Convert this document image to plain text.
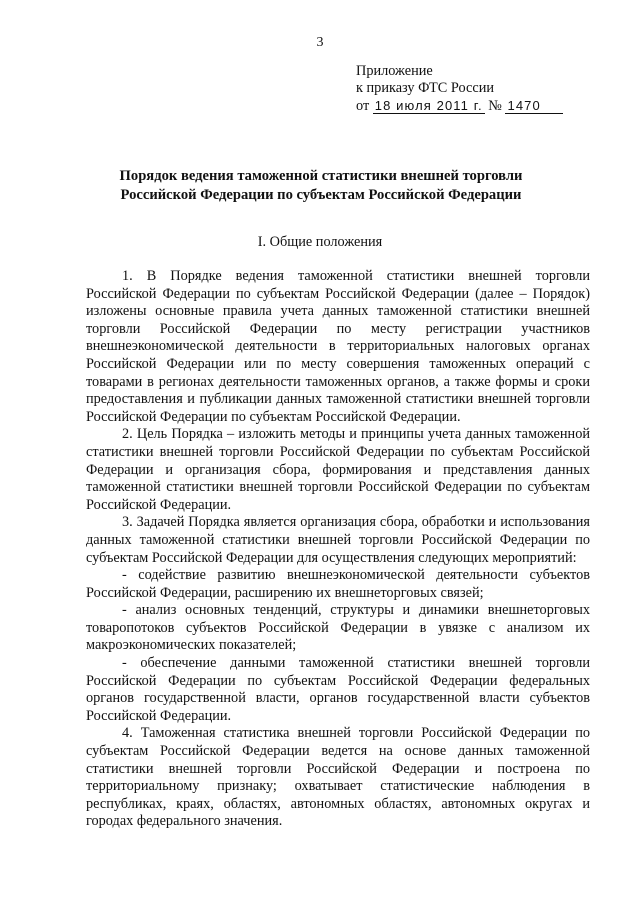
3
Приложение
к приказу ФТС России
от 18 июля 2011 г. № 1470
Порядок ведения таможенной статистики внешней торговли
Российской Федерации по субъектам Российской Федерации
I. Общие положения

1. В Порядке ведения таможенной статистики внешней торговли Российской Федерации по субъектам Российской Федерации (далее – Порядок) изложены основные правила учета данных таможенной статистики внешней торговли Российской Федерации по месту регистрации участников внешнеэкономической деятельности в территориальных налоговых органах Российской Федерации или по месту совершения таможенных операций с товарами в регионах деятельности таможенных органов, а также формы и сроки предоставления и публикации данных таможенной статистики внешней торговли Российской Федерации по субъектам Российской Федерации.

2. Цель Порядка – изложить методы и принципы учета данных таможенной статистики внешней торговли Российской Федерации по субъектам Российской Федерации и организация сбора, формирования и представления данных таможенной статистики внешней торговли Российской Федерации по субъектам Российской Федерации.

3. Задачей Порядка является организация сбора, обработки и использования данных таможенной статистики внешней торговли Российской Федерации по субъектам Российской Федерации для осуществления следующих мероприятий:

- содействие развитию внешнеэкономической деятельности субъектов Российской Федерации, расширению их внешнеторговых связей;

- анализ основных тенденций, структуры и динамики внешнеторговых товаропотоков субъектов Российской Федерации в увязке с анализом их макроэкономических показателей;

- обеспечение данными таможенной статистики внешней торговли Российской Федерации по субъектам Российской Федерации федеральных органов государственной власти, органов государственной власти субъектов Российской Федерации.

4. Таможенная статистика внешней торговли Российской Федерации по субъектам Российской Федерации ведется на основе данных таможенной статистики внешней торговли Российской Федерации и построена по территориальному признаку; охватывает статистические наблюдения в республиках, краях, областях, автономных областях, автономных округах и городах федерального значения.
